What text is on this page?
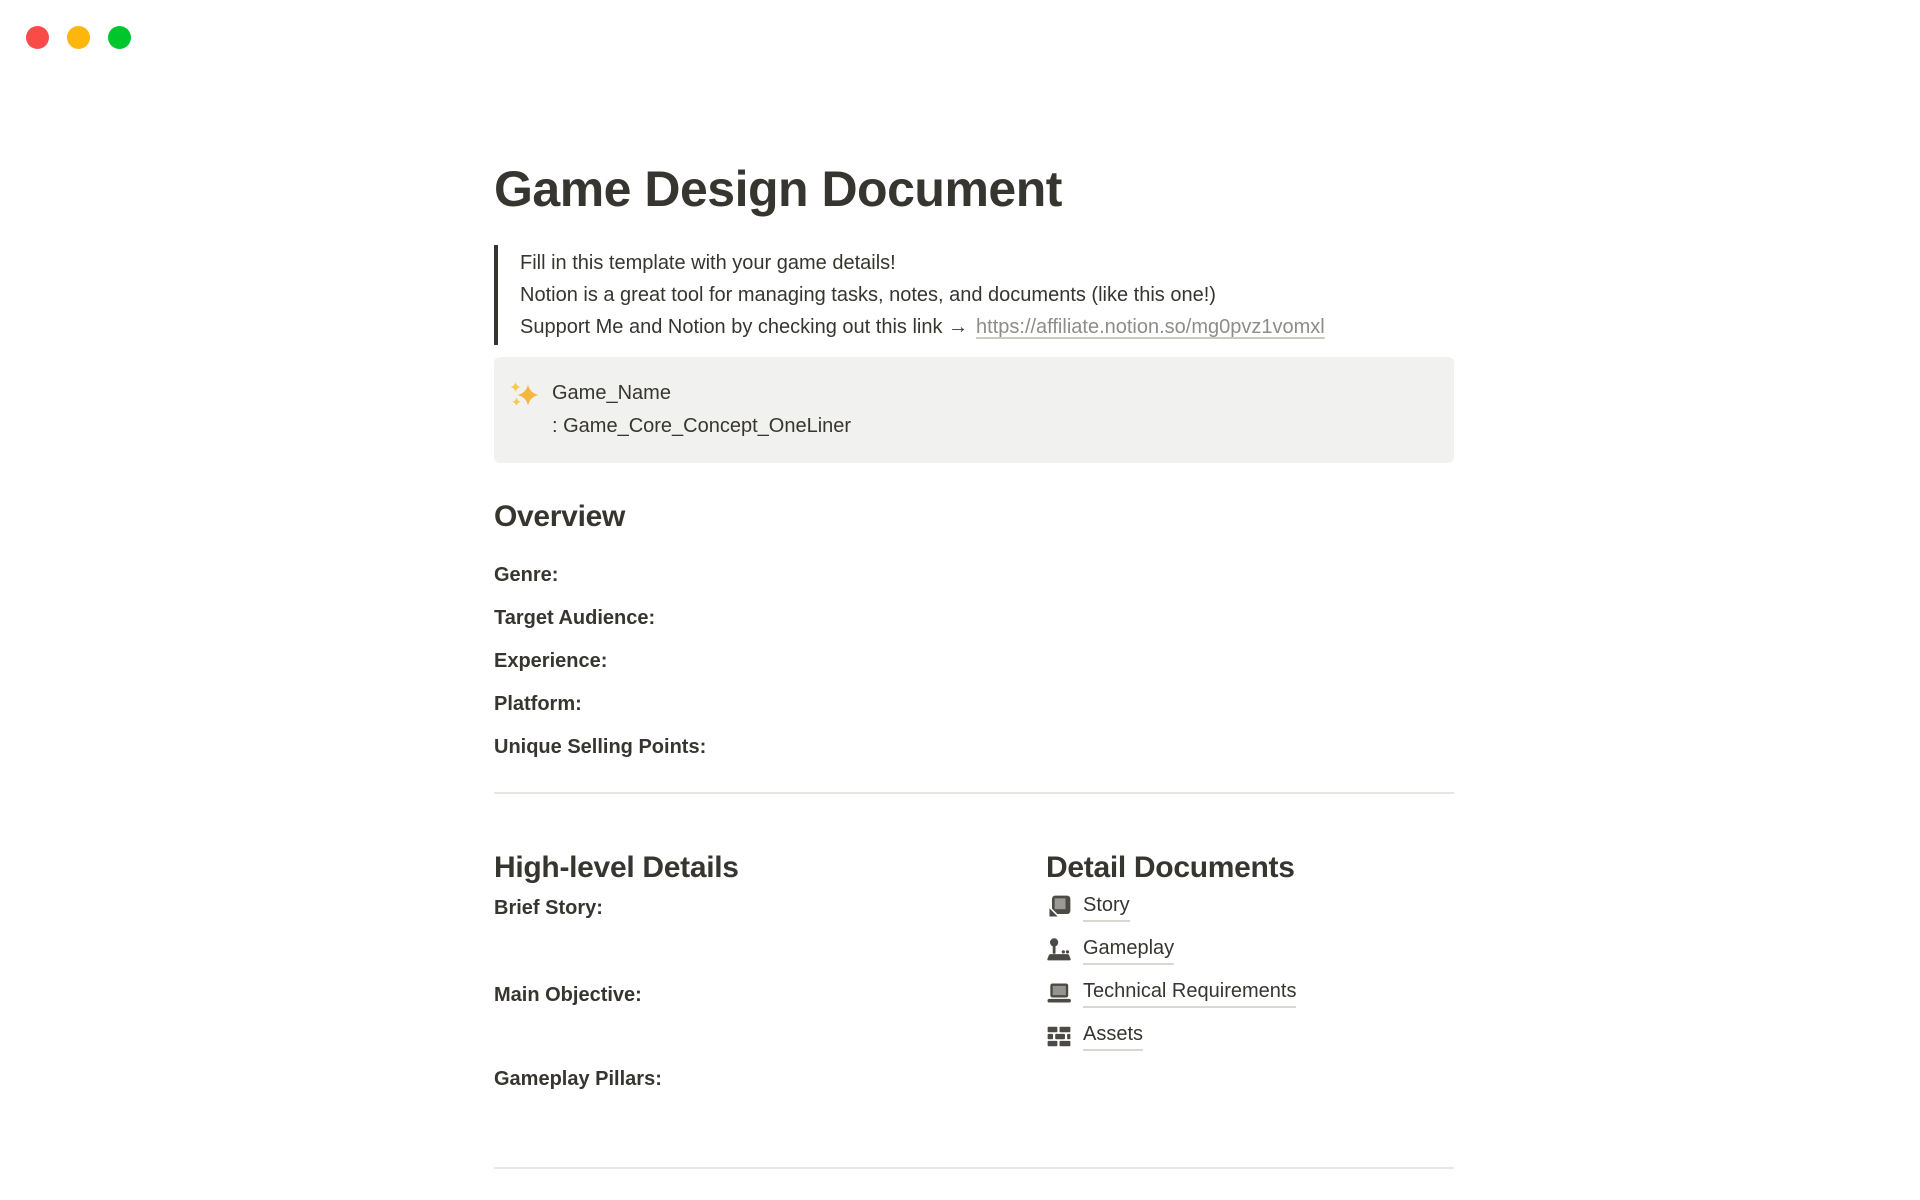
Game Design Document

Fill in this template with your game details!

Notion is a great tool for managing tasks, notes, and documents (like this one!)

Support Me and Notion by checking out this link → https://affiliate.notion.so/mg0pvz1vomxl

Game_Name

: Game_Core_Concept_OneLiner

Overview

Genre:

Target Audience:

Experience:

Platform:

Unique Selling Points:

High-level Details

Brief Story:

Main Objective:

Gameplay Pillars:

Detail Documents
Story
Gameplay
Technical Requirements
Assets
